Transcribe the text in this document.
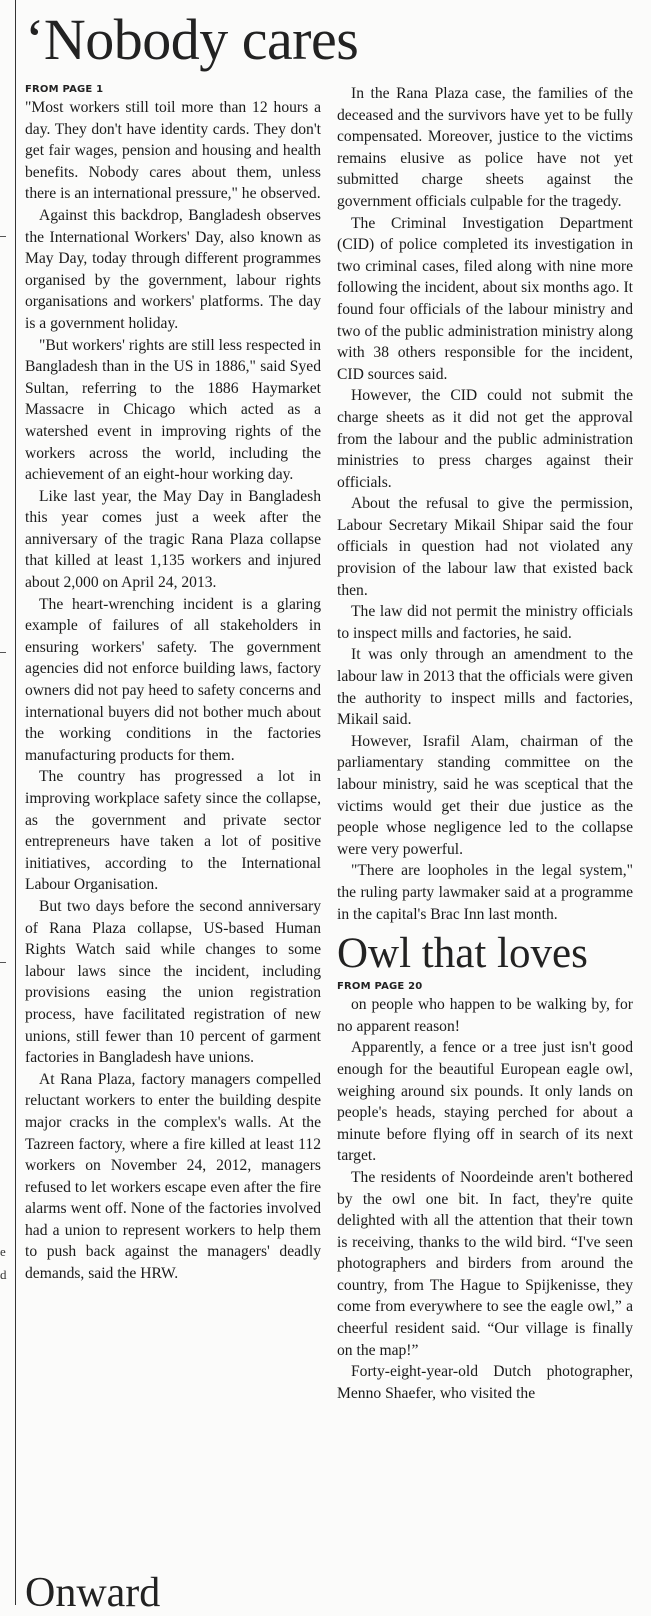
e
d
‘Nobody cares
FROM PAGE 1

"Most workers still toil more than 12 hours a day. They don't have identity cards. They don't get fair wages, pension and housing and health benefits. Nobody cares about them, unless there is an international pressure," he observed.

Against this backdrop, Bangladesh observes the International Workers' Day, also known as May Day, today through different programmes organised by the government, labour rights organisations and workers' platforms. The day is a government holiday.

"But workers' rights are still less respected in Bangladesh than in the US in 1886," said Syed Sultan, referring to the 1886 Haymarket Massacre in Chicago which acted as a watershed event in improving rights of the workers across the world, including the achievement of an eight-hour working day.

Like last year, the May Day in Bangladesh this year comes just a week after the anniversary of the tragic Rana Plaza collapse that killed at least 1,135 workers and injured about 2,000 on April 24, 2013.

The heart-wrenching incident is a glaring example of failures of all stakeholders in ensuring workers' safety. The government agencies did not enforce building laws, factory owners did not pay heed to safety concerns and international buyers did not bother much about the working conditions in the factories manufacturing products for them.

The country has progressed a lot in improving workplace safety since the collapse, as the government and private sector entrepreneurs have taken a lot of positive initiatives, according to the International Labour Organisation.

But two days before the second anniversary of Rana Plaza collapse, US-based Human Rights Watch said while changes to some labour laws since the incident, including provisions easing the union registration process, have facilitated registration of new unions, still fewer than 10 percent of garment factories in Bangladesh have unions.

At Rana Plaza, factory managers compelled reluctant workers to enter the building despite major cracks in the complex's walls. At the Tazreen factory, where a fire killed at least 112 workers on November 24, 2012, managers refused to let workers escape even after the fire alarms went off. None of the factories involved had a union to represent workers to help them to push back against the managers' deadly demands, said the HRW.

In the Rana Plaza case, the families of the deceased and the survivors have yet to be fully compensated. Moreover, justice to the victims remains elusive as police have not yet submitted charge sheets against the government officials culpable for the tragedy.

The Criminal Investigation Department (CID) of police completed its investigation in two criminal cases, filed along with nine more following the incident, about six months ago. It found four officials of the labour ministry and two of the public administration ministry along with 38 others responsible for the incident, CID sources said.

However, the CID could not submit the charge sheets as it did not get the approval from the labour and the public administration ministries to press charges against their officials.

About the refusal to give the permission, Labour Secretary Mikail Shipar said the four officials in question had not violated any provision of the labour law that existed back then.

The law did not permit the ministry officials to inspect mills and factories, he said.

It was only through an amendment to the labour law in 2013 that the officials were given the authority to inspect mills and factories, Mikail said.

However, Israfil Alam, chairman of the parliamentary standing committee on the labour ministry, said he was sceptical that the victims would get their due justice as the people whose negligence led to the collapse were very powerful.

"There are loopholes in the legal system," the ruling party lawmaker said at a programme in the capital's Brac Inn last month.

Owl that loves
FROM PAGE 20

on people who happen to be walking by, for no apparent reason!

Apparently, a fence or a tree just isn't good enough for the beautiful European eagle owl, weighing around six pounds. It only lands on people's heads, staying perched for about a minute before flying off in search of its next target.

The residents of Noordeinde aren't bothered by the owl one bit. In fact, they're quite delighted with all the attention that their town is receiving, thanks to the wild bird. “I've seen photographers and birders from around the country, from The Hague to Spijkenisse, they come from everywhere to see the eagle owl,” a cheerful resident said. “Our village is finally on the map!”

Forty-eight-year-old Dutch photographer, Menno Shaefer, who visited the

Onward
